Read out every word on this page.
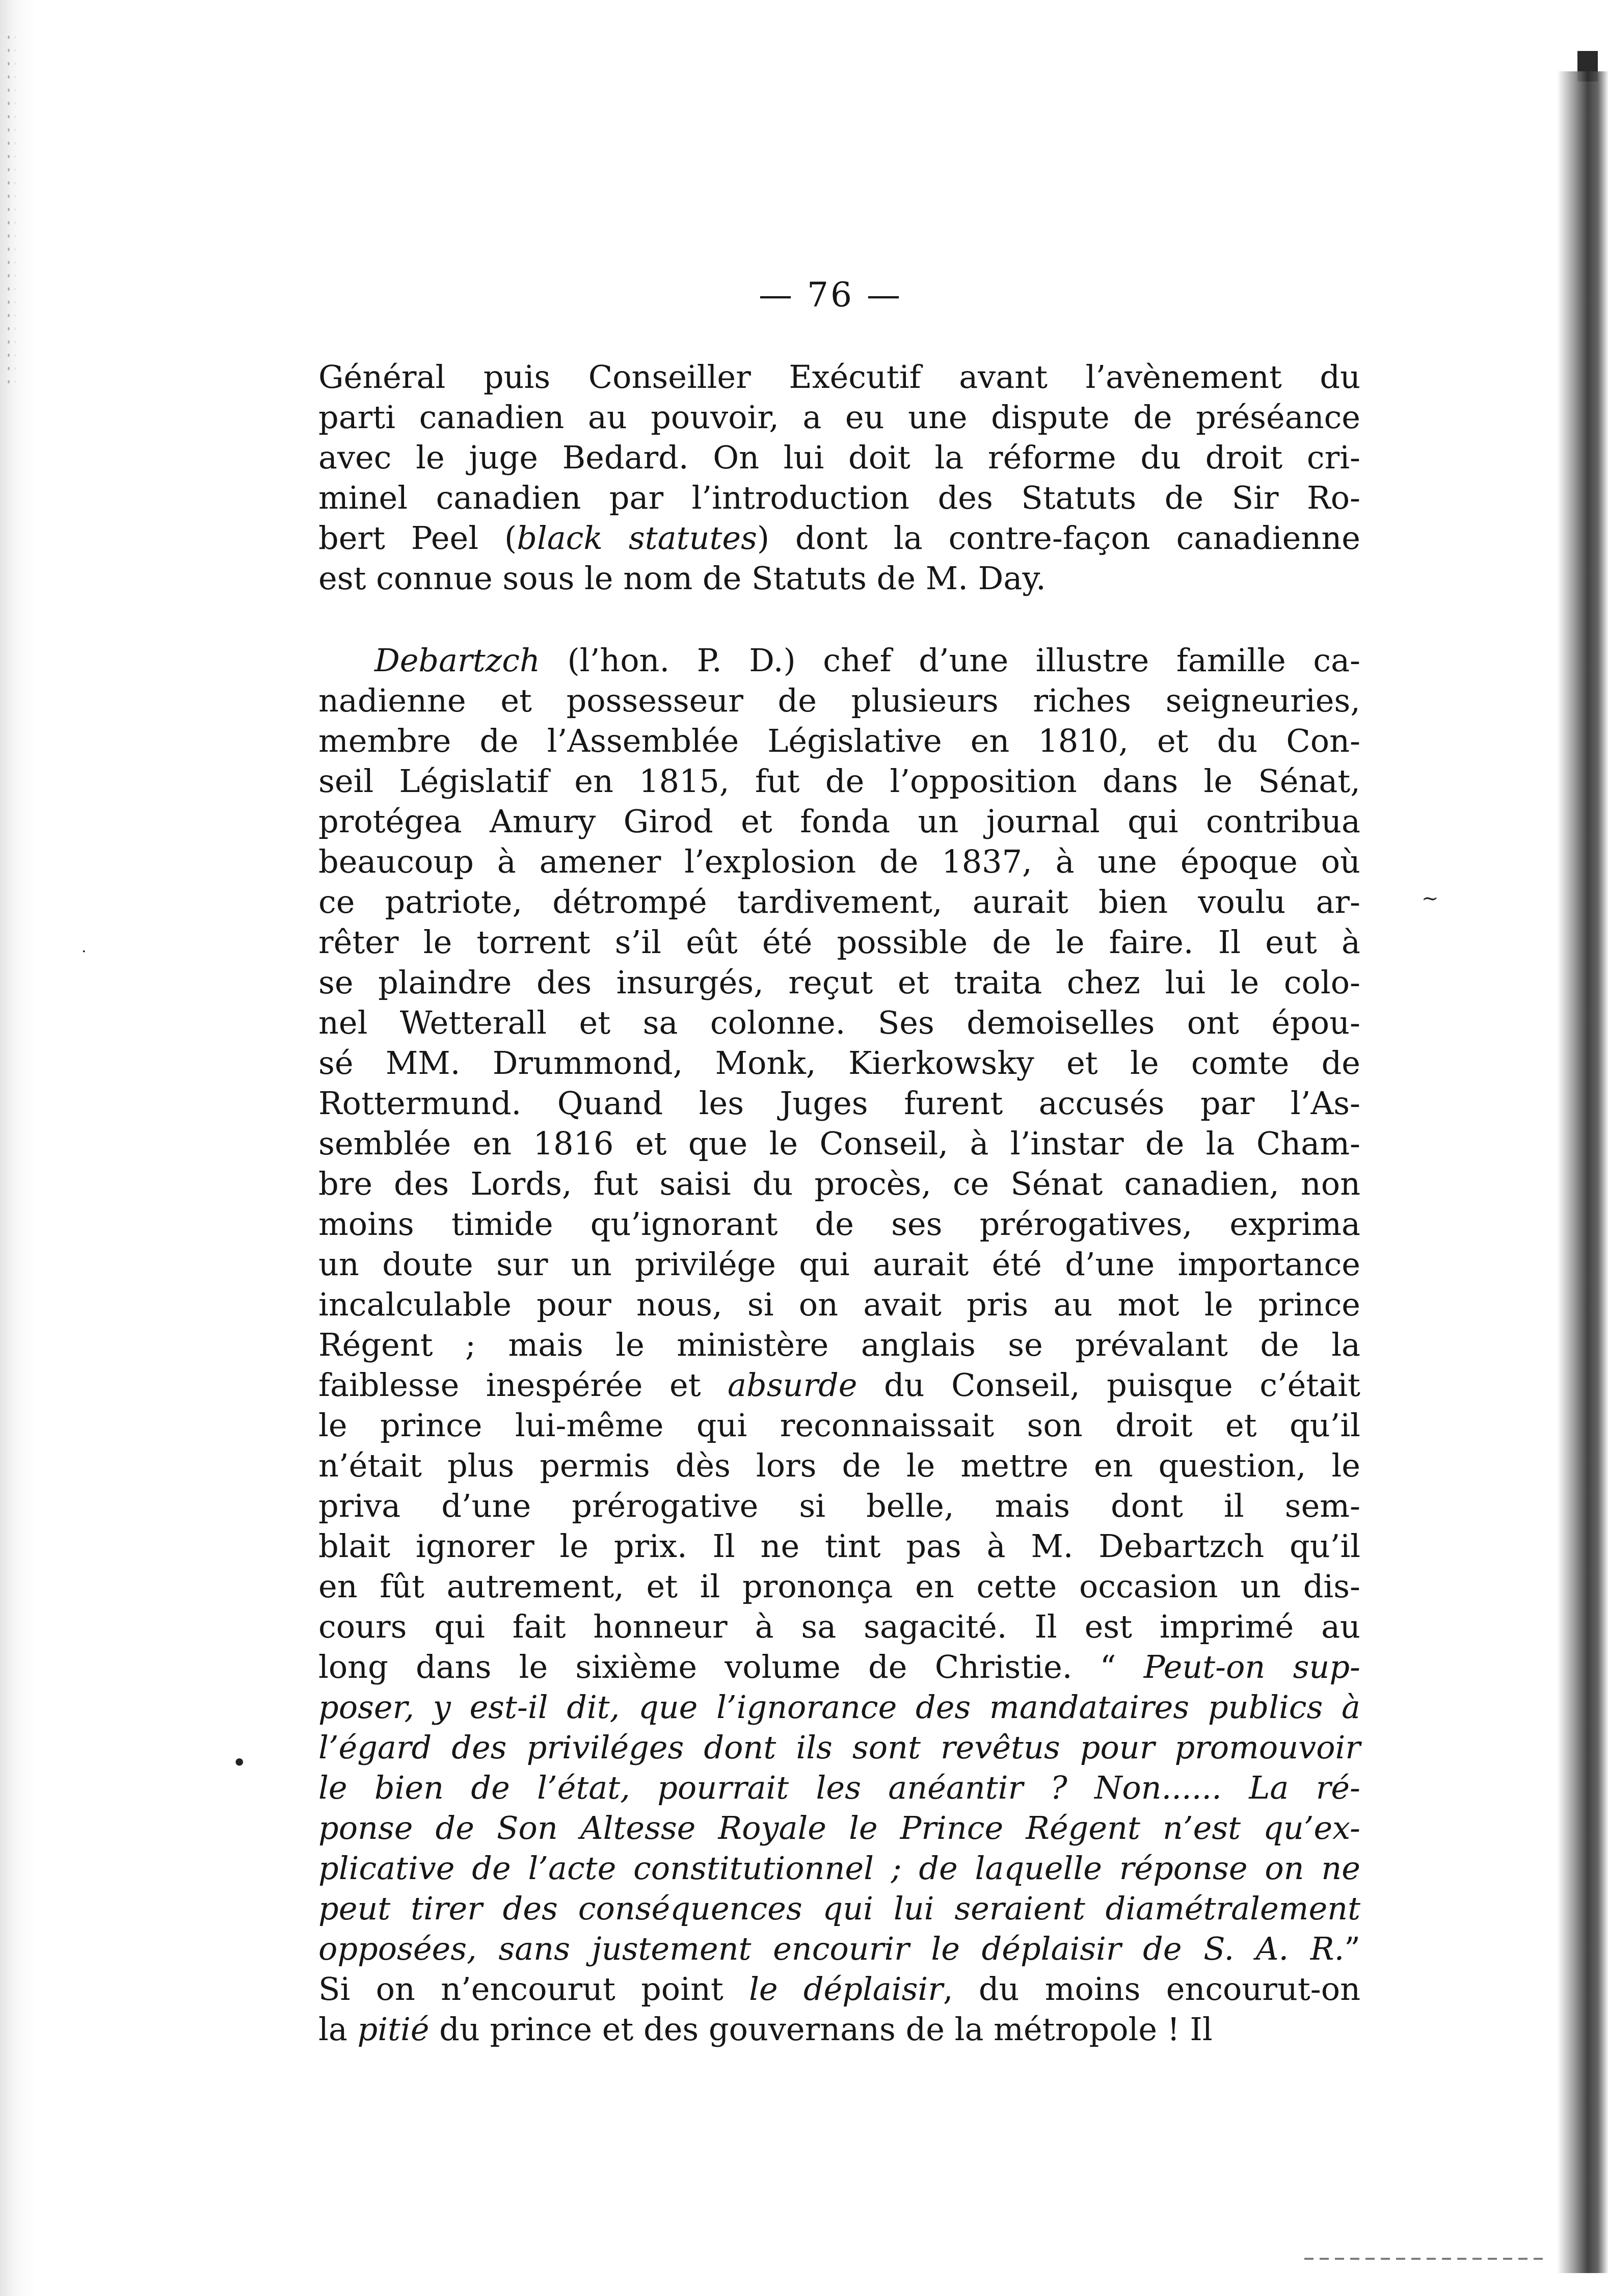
·
•
~
— 76 —
Général puis Conseiller Exécutif avant l’avènement du
parti canadien au pouvoir, a eu une dispute de préséance
avec le juge Bedard. On lui doit la réforme du droit cri-
minel canadien par l’introduction des Statuts de Sir Ro-
bert Peel (black statutes) dont la contre-façon canadienne
est connue sous le nom de Statuts de M. Day.
Debartzch (l’hon. P. D.) chef d’une illustre famille ca-
nadienne et possesseur de plusieurs riches seigneuries,
membre de l’Assemblée Législative en 1810, et du Con-
seil Législatif en 1815, fut de l’opposition dans le Sénat,
protégea Amury Girod et fonda un journal qui contribua
beaucoup à amener l’explosion de 1837, à une époque où
ce patriote, détrompé tardivement, aurait bien voulu ar-
rêter le torrent s’il eût été possible de le faire. Il eut à
se plaindre des insurgés, reçut et traita chez lui le colo-
nel Wetterall et sa colonne. Ses demoiselles ont épou-
sé MM. Drummond, Monk, Kierkowsky et le comte de
Rottermund. Quand les Juges furent accusés par l’As-
semblée en 1816 et que le Conseil, à l’instar de la Cham-
bre des Lords, fut saisi du procès, ce Sénat canadien, non
moins timide qu’ignorant de ses prérogatives, exprima
un doute sur un privilége qui aurait été d’une importance
incalculable pour nous, si on avait pris au mot le prince
Régent ; mais le ministère anglais se prévalant de la
faiblesse inespérée et absurde du Conseil, puisque c’était
le prince lui-même qui reconnaissait son droit et qu’il
n’était plus permis dès lors de le mettre en question, le
priva d’une prérogative si belle, mais dont il sem-
blait ignorer le prix. Il ne tint pas à M. Debartzch qu’il
en fût autrement, et il prononça en cette occasion un dis-
cours qui fait honneur à sa sagacité. Il est imprimé au
long dans le sixième volume de Christie. “ Peut-on sup-
poser, y est-il dit, que l’ignorance des mandataires publics à
l’égard des priviléges dont ils sont revêtus pour promouvoir
le bien de l’état, pourrait les anéantir ? Non...... La ré-
ponse de Son Altesse Royale le Prince Régent n’est qu’ex-
plicative de l’acte constitutionnel ; de laquelle réponse on ne
peut tirer des conséquences qui lui seraient diamétralement
opposées, sans justement encourir le déplaisir de S. A. R.”
Si on n’encourut point le déplaisir, du moins encourut-on
la pitié du prince et des gouvernans de la métropole ! Il
